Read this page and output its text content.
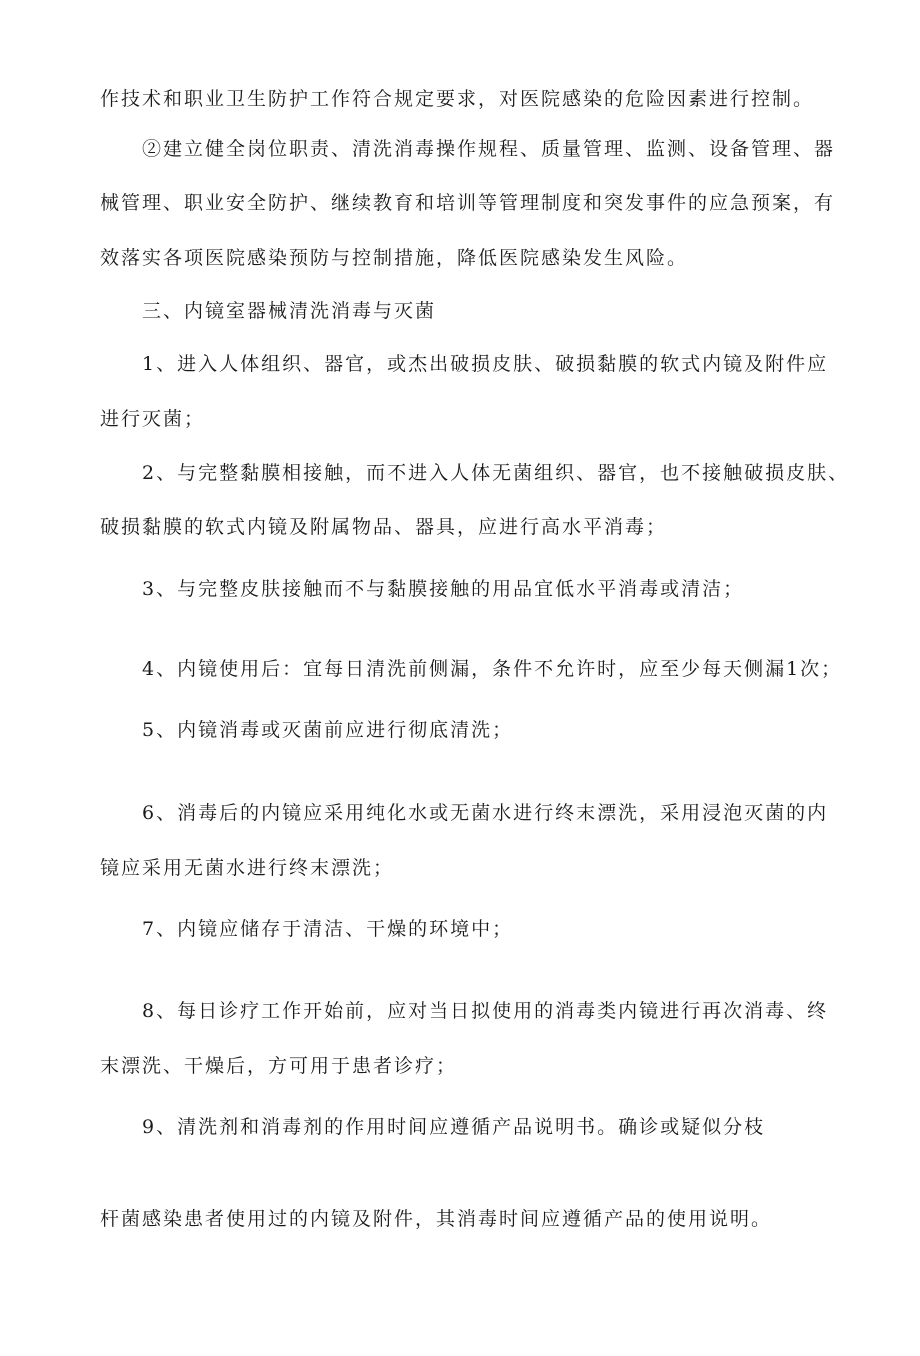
作技术和职业卫生防护工作符合规定要求，对医院感染的危险因素进行控制。
②建立健全岗位职责、清洗消毒操作规程、质量管理、监测、设备管理、器
械管理、职业安全防护、继续教育和培训等管理制度和突发事件的应急预案，有
效落实各项医院感染预防与控制措施，降低医院感染发生风险。
三、内镜室器械清洗消毒与灭菌
1、进入人体组织、器官，或杰出破损皮肤、破损黏膜的软式内镜及附件应
进行灭菌；
2、与完整黏膜相接触，而不进入人体无菌组织、器官，也不接触破损皮肤、
破损黏膜的软式内镜及附属物品、器具，应进行高水平消毒；
3、与完整皮肤接触而不与黏膜接触的用品宜低水平消毒或清洁；
4、内镜使用后：宜每日清洗前侧漏，条件不允许时，应至少每天侧漏1次；
5、内镜消毒或灭菌前应进行彻底清洗；
6、消毒后的内镜应采用纯化水或无菌水进行终末漂洗，采用浸泡灭菌的内
镜应采用无菌水进行终末漂洗；
7、内镜应储存于清洁、干燥的环境中；
8、每日诊疗工作开始前，应对当日拟使用的消毒类内镜进行再次消毒、终
末漂洗、干燥后，方可用于患者诊疗；
9、清洗剂和消毒剂的作用时间应遵循产品说明书。确诊或疑似分枝
杆菌感染患者使用过的内镜及附件，其消毒时间应遵循产品的使用说明。
